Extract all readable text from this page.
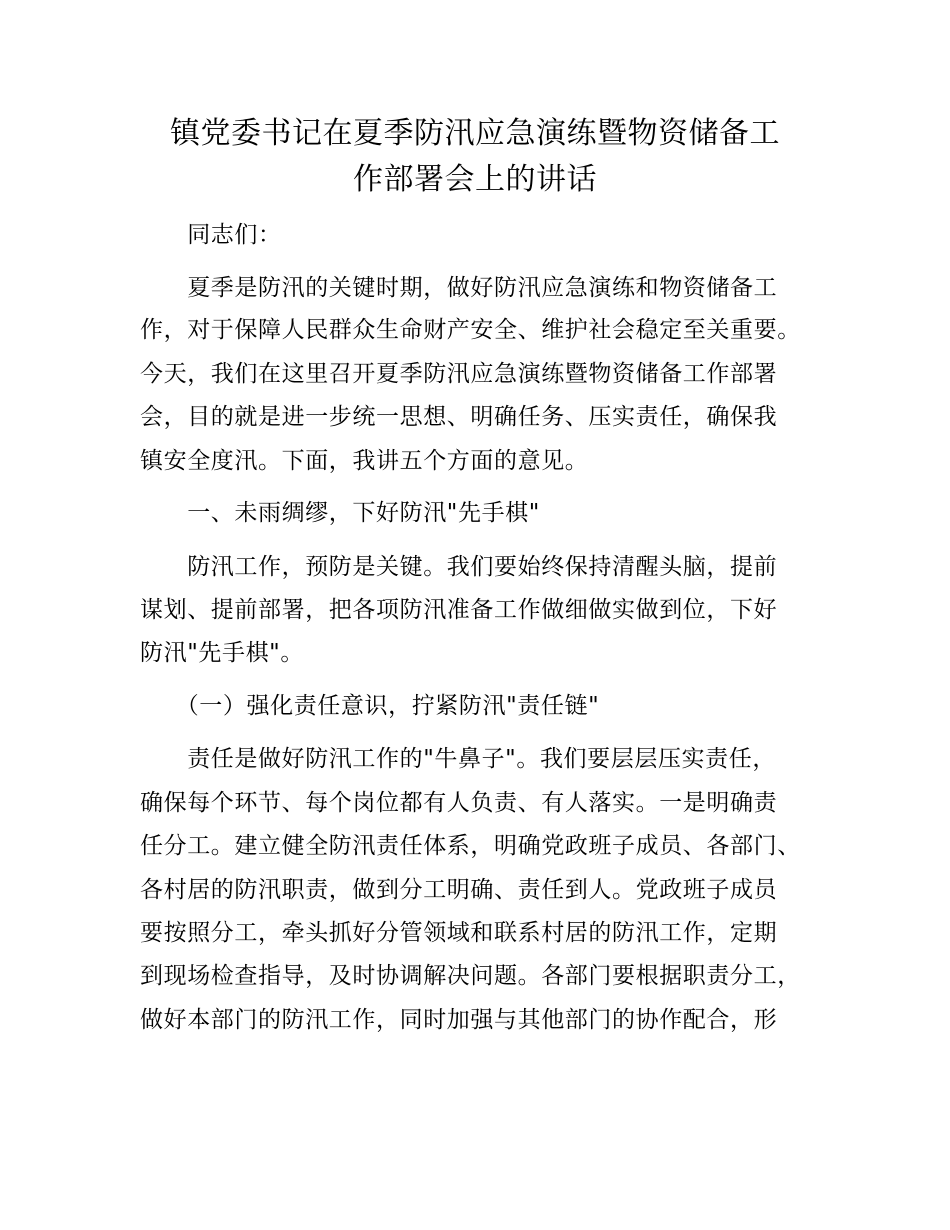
镇党委书记在夏季防汛应急演练暨物资储备工
作部署会上的讲话
　　同志们：
　　夏季是防汛的关键时期，做好防汛应急演练和物资储备工
作，对于保障人民群众生命财产安全、维护社会稳定至关重要。
今天，我们在这里召开夏季防汛应急演练暨物资储备工作部署
会，目的就是进一步统一思想、明确任务、压实责任，确保我
镇安全度汛。下面，我讲五个方面的意见。
　　一、未雨绸缪，下好防汛"先手棋"
　　防汛工作，预防是关键。我们要始终保持清醒头脑，提前
谋划、提前部署，把各项防汛准备工作做细做实做到位，下好
防汛"先手棋"。
　　（一）强化责任意识，拧紧防汛"责任链"
　　责任是做好防汛工作的"牛鼻子"。我们要层层压实责任，
确保每个环节、每个岗位都有人负责、有人落实。一是明确责
任分工。建立健全防汛责任体系，明确党政班子成员、各部门、
各村居的防汛职责，做到分工明确、责任到人。党政班子成员
要按照分工，牵头抓好分管领域和联系村居的防汛工作，定期
到现场检查指导，及时协调解决问题。各部门要根据职责分工，
做好本部门的防汛工作，同时加强与其他部门的协作配合，形
